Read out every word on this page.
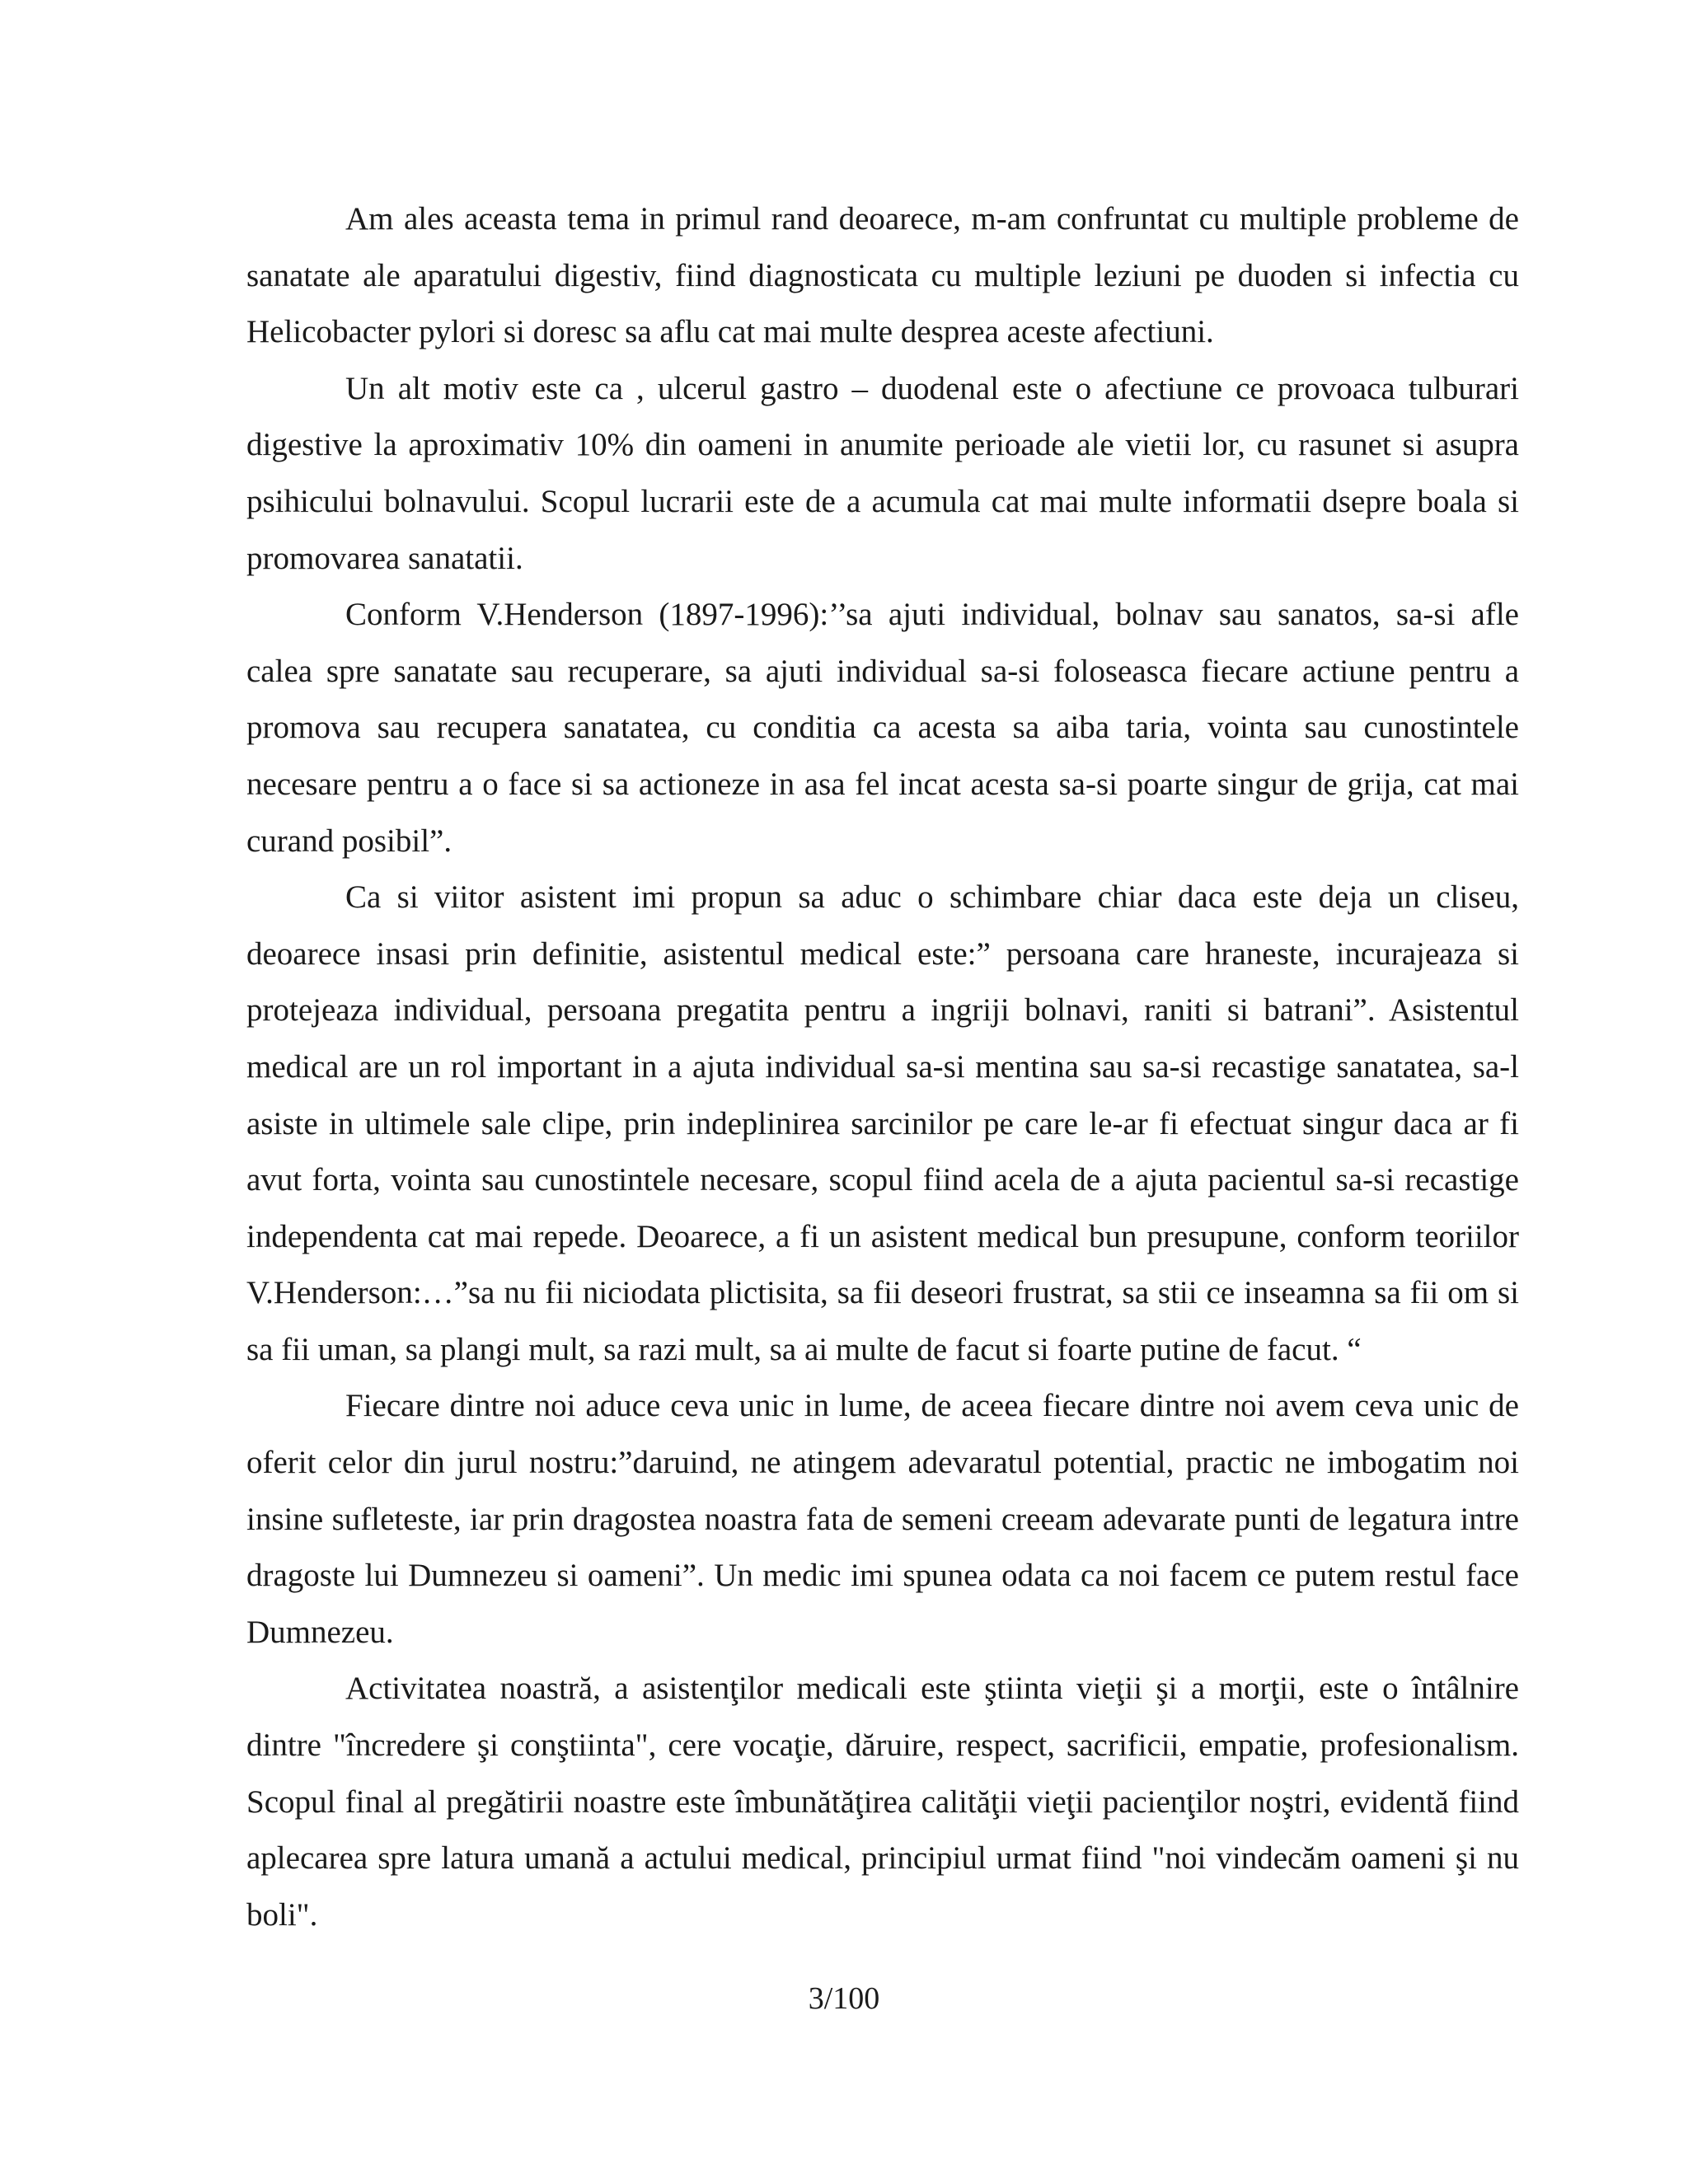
Am ales aceasta tema in primul rand deoarece, m-am confruntat cu multiple probleme de sanatate ale aparatului digestiv, fiind diagnosticata cu multiple leziuni pe duoden si infectia cu Helicobacter pylori si doresc sa aflu cat mai multe desprea aceste afectiuni.

Un alt motiv este ca , ulcerul gastro – duodenal este o afectiune ce provoaca tulburari digestive la aproximativ 10% din oameni in anumite perioade ale vietii lor, cu rasunet si asupra psihicului bolnavului. Scopul lucrarii este de a acumula cat mai multe informatii dsepre boala si promovarea sanatatii.

Conform V.Henderson (1897-1996):’’sa ajuti individual, bolnav sau sanatos, sa-si afle calea spre sanatate sau recuperare, sa ajuti individual sa-si foloseasca fiecare actiune pentru a promova sau recupera sanatatea, cu conditia ca acesta sa aiba taria, vointa sau cunostintele necesare pentru a o face si sa actioneze in asa fel incat acesta sa-si poarte singur de grija, cat mai curand posibil”.

Ca si viitor asistent imi propun sa aduc o schimbare chiar daca este deja un cliseu, deoarece insasi prin definitie, asistentul medical este:” persoana care hraneste, incurajeaza si protejeaza individual, persoana pregatita pentru a ingriji bolnavi, raniti si batrani”. Asistentul medical are un rol important in a ajuta individual sa-si mentina sau sa-si recastige sanatatea, sa-l asiste in ultimele sale clipe, prin indeplinirea sarcinilor pe care le-ar fi efectuat singur daca ar fi avut forta, vointa sau cunostintele necesare, scopul fiind acela de a ajuta pacientul sa-si recastige independenta cat mai repede. Deoarece, a fi un asistent medical bun presupune, conform teoriilor V.Henderson:…”sa nu fii niciodata plictisita, sa fii deseori frustrat, sa stii ce inseamna sa fii om si sa fii uman, sa plangi mult, sa razi mult, sa ai multe de facut si foarte putine de facut. “

Fiecare dintre noi aduce ceva unic in lume, de aceea fiecare dintre noi avem ceva unic de oferit celor din jurul nostru:”daruind, ne atingem adevaratul potential, practic ne imbogatim noi insine sufleteste, iar prin dragostea noastra fata de semeni creeam adevarate punti de legatura intre dragoste lui Dumnezeu si oameni”. Un medic imi spunea odata ca noi facem ce putem restul face Dumnezeu.

Activitatea noastră, a asistenţilor medicali este ştiinta vieţii şi a morţii, este o întâlnire dintre "încredere şi conştiinta", cere vocaţie, dăruire, respect, sacrificii, empatie, profesionalism. Scopul final al pregătirii noastre este îmbunătăţirea calităţii vieţii pacienţilor noştri, evidentă fiind aplecarea spre latura umană a actului medical, principiul urmat fiind "noi vindecăm oameni şi nu boli".

3/100
